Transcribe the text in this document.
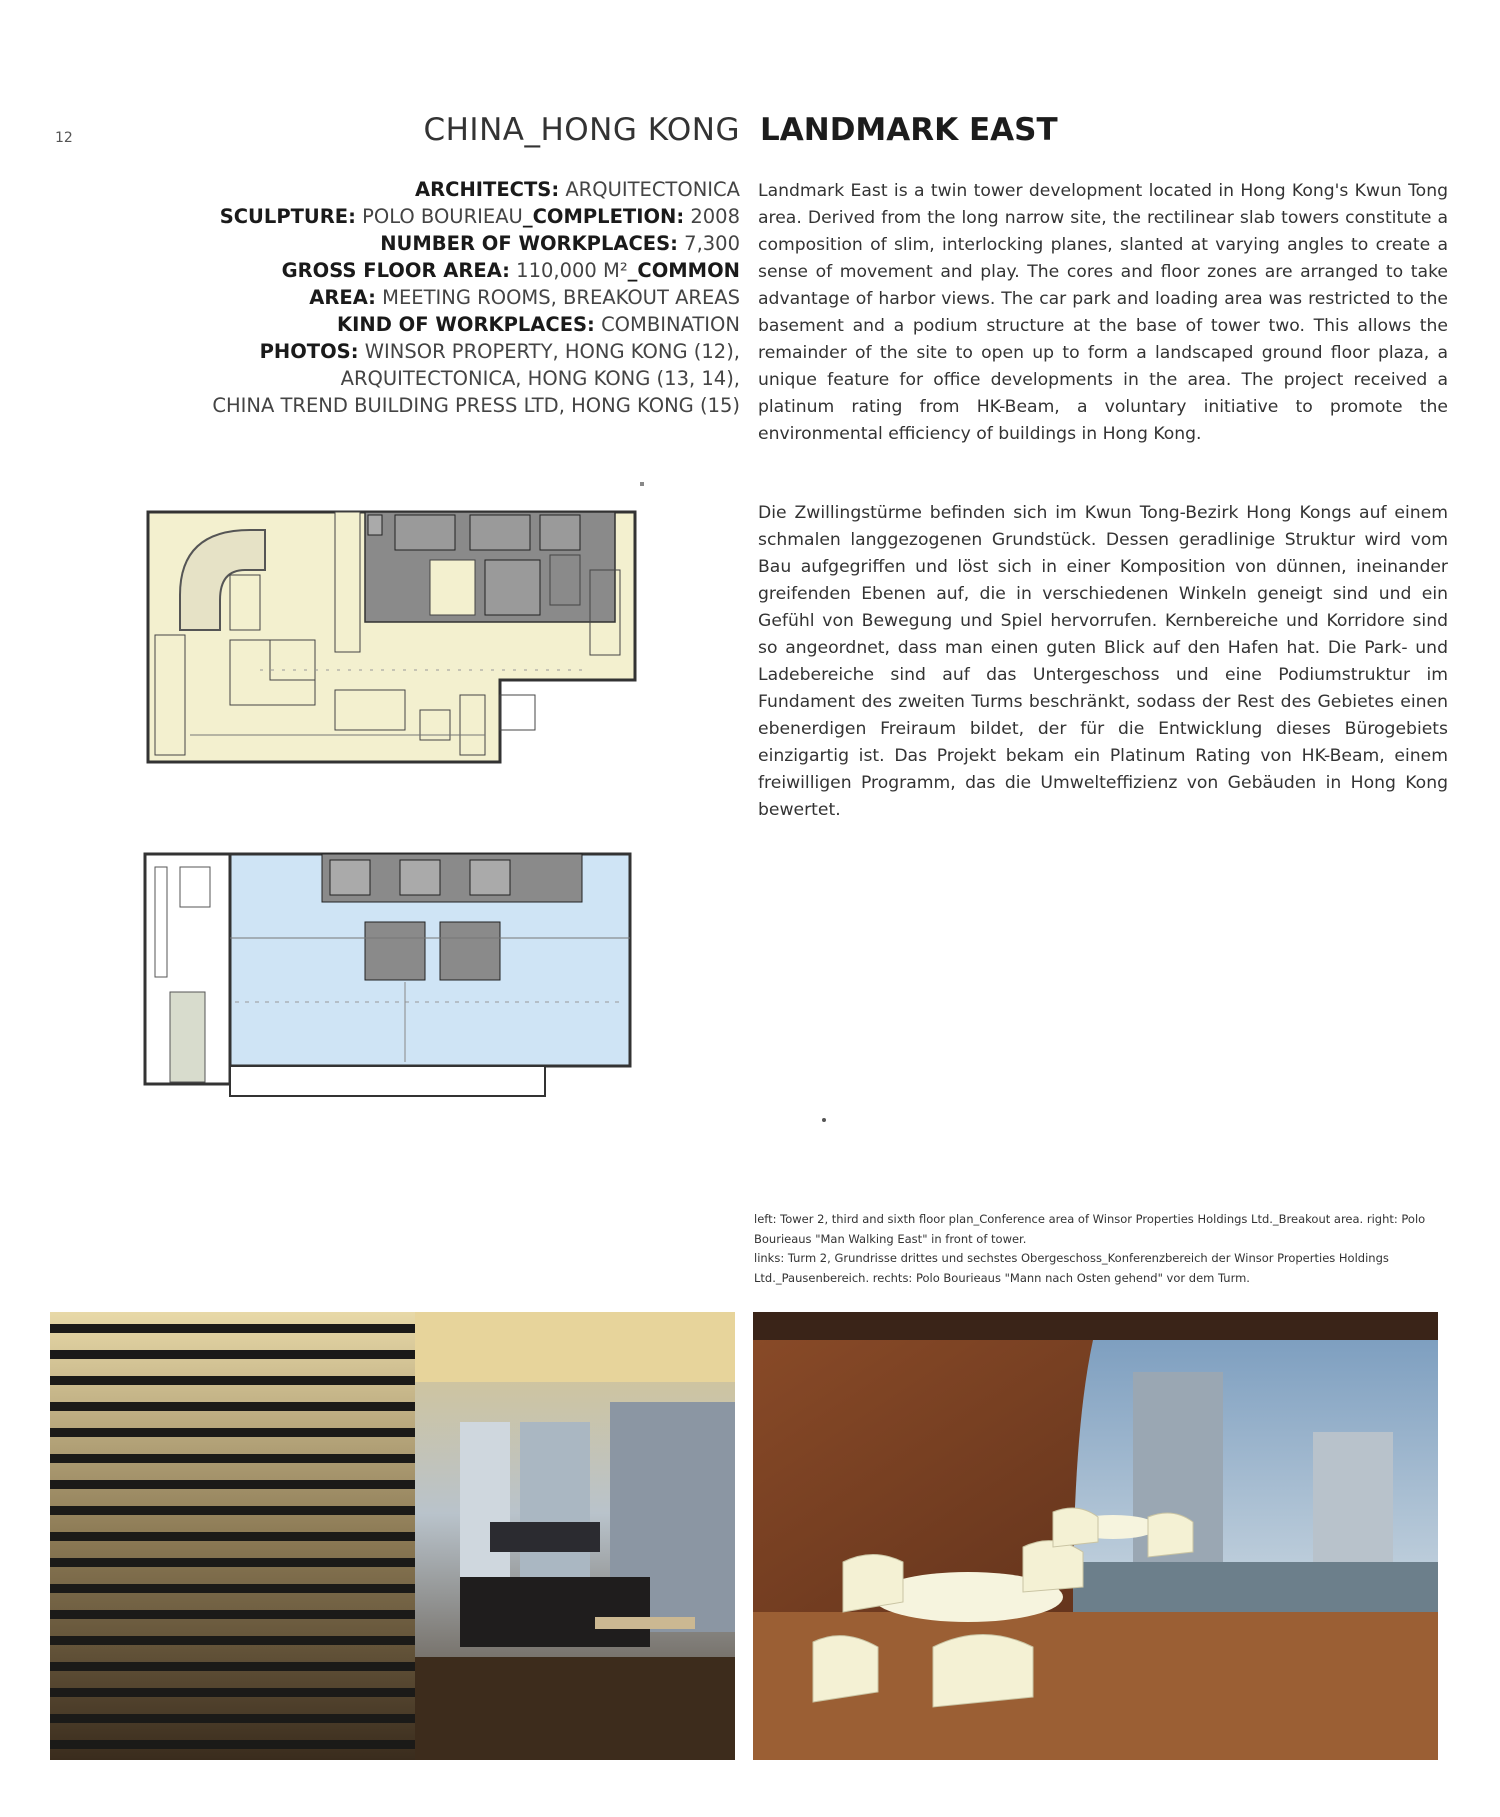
12	CHINA_HONG KONG LANDMARK EAST
ARCHITECTS: ARQUITECTONICA
SCULPTURE: POLO BOURIEAU_COMPLETION: 2008
NUMBER OF WORKPLACES: 7,300
GROSS FLOOR AREA: 110,000 M²_COMMON
AREA: MEETING ROOMS, BREAKOUT AREAS
KIND OF WORKPLACES: COMBINATION
PHOTOS: WINSOR PROPERTY, HONG KONG (12),
ARQUITECTONICA, HONG KONG (13, 14),
CHINA TREND BUILDING PRESS LTD, HONG KONG (15)
Landmark East is a twin tower development located in Hong Kong's Kwun Tong area. Derived from the long narrow site, the rectilinear slab towers constitute a composition of slim, interlocking planes, slanted at varying angles to create a sense of movement and play. The cores and floor zones are arranged to take advantage of harbor views. The car park and loading area was restricted to the basement and a podium structure at the base of tower two. This allows the remainder of the site to open up to form a landscaped ground floor plaza, a unique feature for office developments in the area. The project received a platinum rating from HK-Beam, a voluntary initiative to promote the environmental efficiency of buildings in Hong Kong.
Die Zwillingstürme befinden sich im Kwun Tong-Bezirk Hong Kongs auf einem schmalen langgezogenen Grundstück. Dessen geradlinige Struktur wird vom Bau aufgegriffen und löst sich in einer Komposition von dünnen, ineinander greifenden Ebenen auf, die in verschiedenen Winkeln geneigt sind und ein Gefühl von Bewegung und Spiel hervorrufen. Kernbereiche und Korridore sind so angeordnet, dass man einen guten Blick auf den Hafen hat. Die Park- und Ladebereiche sind auf das Untergeschoss und eine Podiumstruktur im Fundament des zweiten Turms beschränkt, sodass der Rest des Gebietes einen ebenerdigen Freiraum bildet, der für die Entwicklung dieses Bürogebiets einzigartig ist. Das Projekt bekam ein Platinum Rating von HK-Beam, einem freiwilligen Programm, das die Umwelteffizienz von Gebäuden in Hong Kong bewertet.
left: Tower 2, third and sixth floor plan_Conference area of Winsor Properties Holdings Ltd._Breakout area. right: Polo Bourieaus "Man Walking East" in front of tower.
links: Turm 2, Grundrisse drittes und sechstes Obergeschoss_Konferenzbereich der Winsor Properties Holdings Ltd._Pausenbereich. rechts: Polo Bourieaus "Mann nach Osten gehend" vor dem Turm.
